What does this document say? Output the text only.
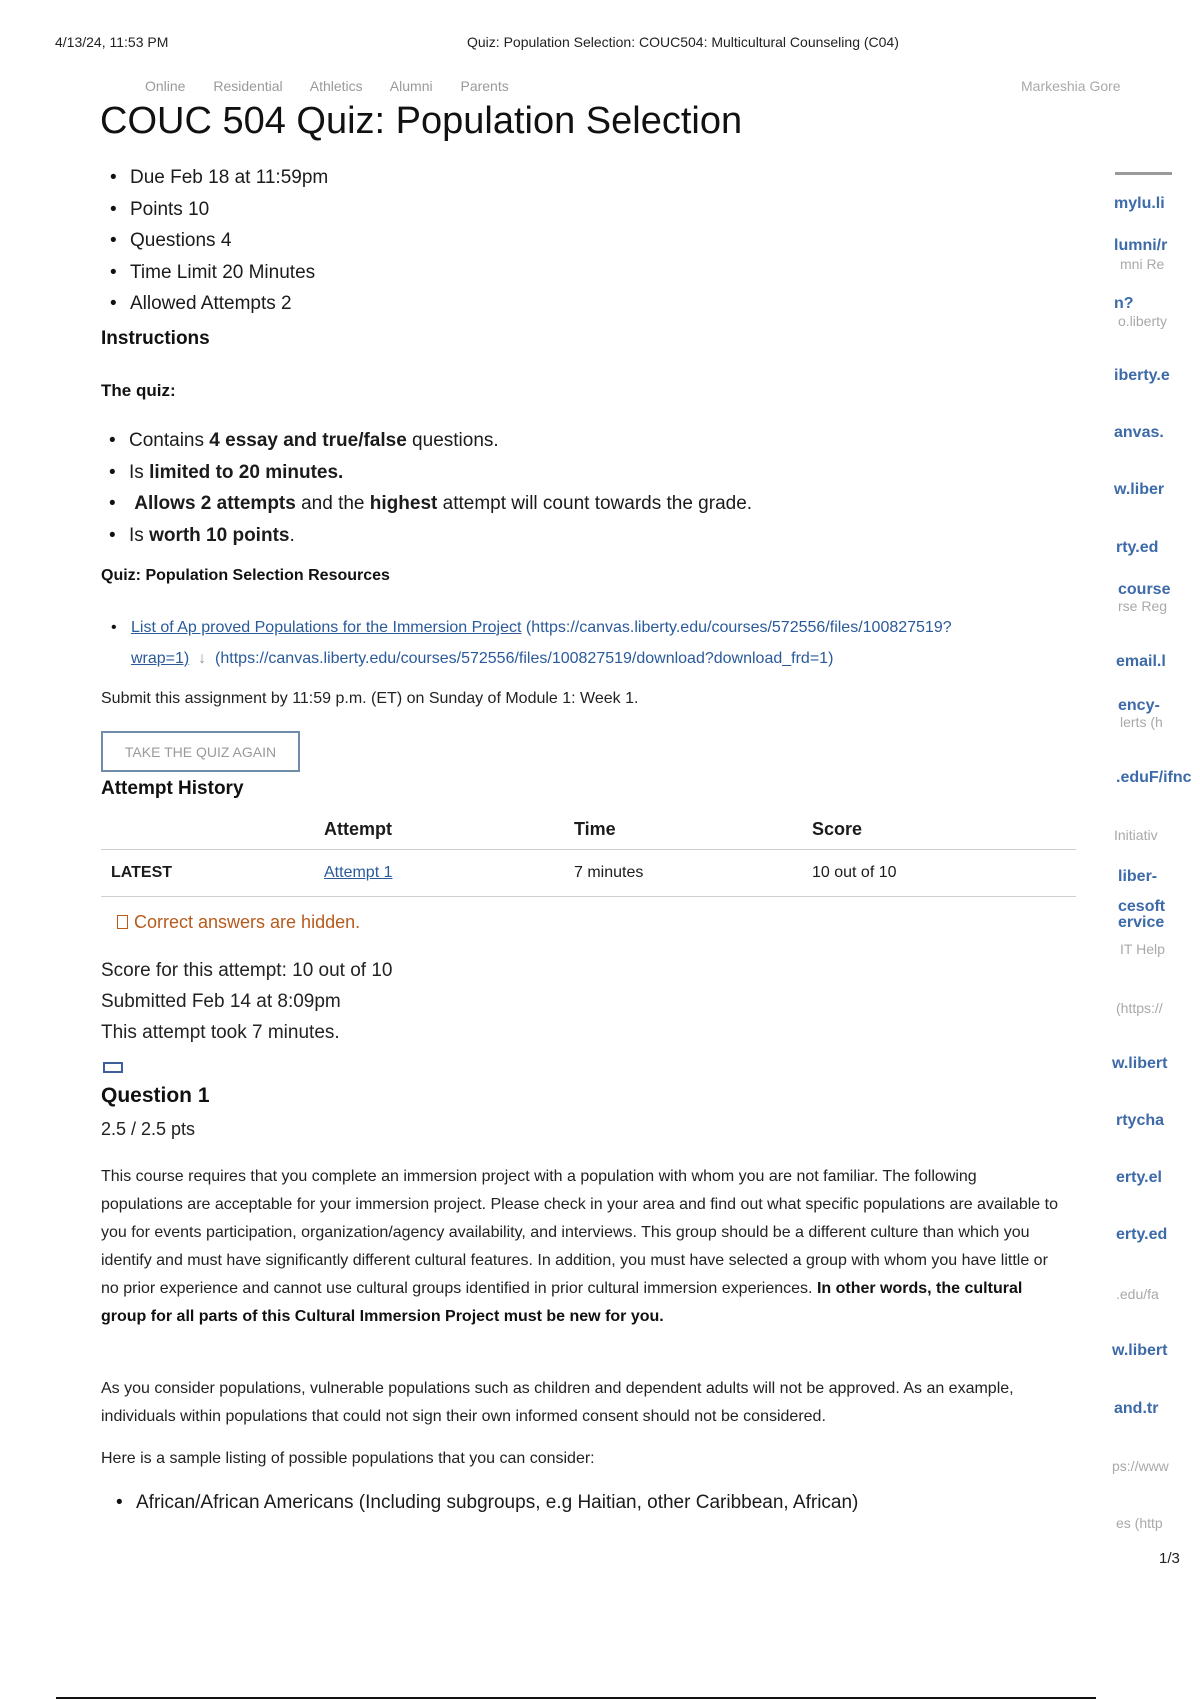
4/13/24, 11:53 PM	Quiz: Population Selection: COUC504: Multicultural Counseling (C04)
Online Residential Athletics Alumni Parents	Markeshia Gore
COUC 504 Quiz: Population Selection
• Due Feb 18 at 11:59pm
• Points 10
• Questions 4
• Time Limit 20 Minutes
• Allowed Attempts 2
Instructions
The quiz:
• Contains 4 essay and true/false questions.
• Is limited to 20 minutes.
• Allows 2 attempts and the highest attempt will count towards the grade.
• Is worth 10 points.
Quiz: Population Selection Resources
• List of Ap proved Populations for the Immersion Project (https://canvas.liberty.edu/courses/572556/files/100827519?
wrap=1)  ↓  (https://canvas.liberty.edu/courses/572556/files/100827519/download?download_frd=1)
Submit this assignment by 11:59 p.m. (ET) on Sunday of Module 1: Week 1.
TAKE THE QUIZ AGAIN
Attempt History
	Attempt	Time	Score
LATEST	Attempt 1	7 minutes	10 out of 10
Correct answers are hidden.
Score for this attempt: 10 out of 10
Submitted Feb 14 at 8:09pm
This attempt took 7 minutes.
Question 1
2.5 / 2.5 pts

This course requires that you complete an immersion project with a population with whom you are not familiar. The following populations are acceptable for your immersion project. Please check in your area and find out what specific populations are available to you for events participation, organization/agency availability, and interviews. This group should be a different culture than which you identify and must have significantly different cultural features. In addition, you must have selected a group with whom you have little or no prior experience and cannot use cultural groups identified in prior cultural immersion experiences. In other words, the cultural group for all parts of this Cultural Immersion Project must be new for you.

As you consider populations, vulnerable populations such as children and dependent adults will not be approved. As an example, individuals within populations that could not sign their own informed consent should not be considered.

Here is a sample listing of possible populations that you can consider:

• African/African Americans (Including subgroups, e.g Haitian, other Caribbean, African)
mylu.li
lumni/r
mni Re
n?
o.liberty
iberty.e
anvas.
w.liber
rty.ed
course
rse Reg
email.l
ency-
lerts (h
.eduF/ifnc
Initiativ
liber-
cesoft
ervice
IT Help
(https://
w.libert
rtycha
erty.el
erty.ed
.edu/fa
w.libert
and.tr
ps://www
es (http
1/3
